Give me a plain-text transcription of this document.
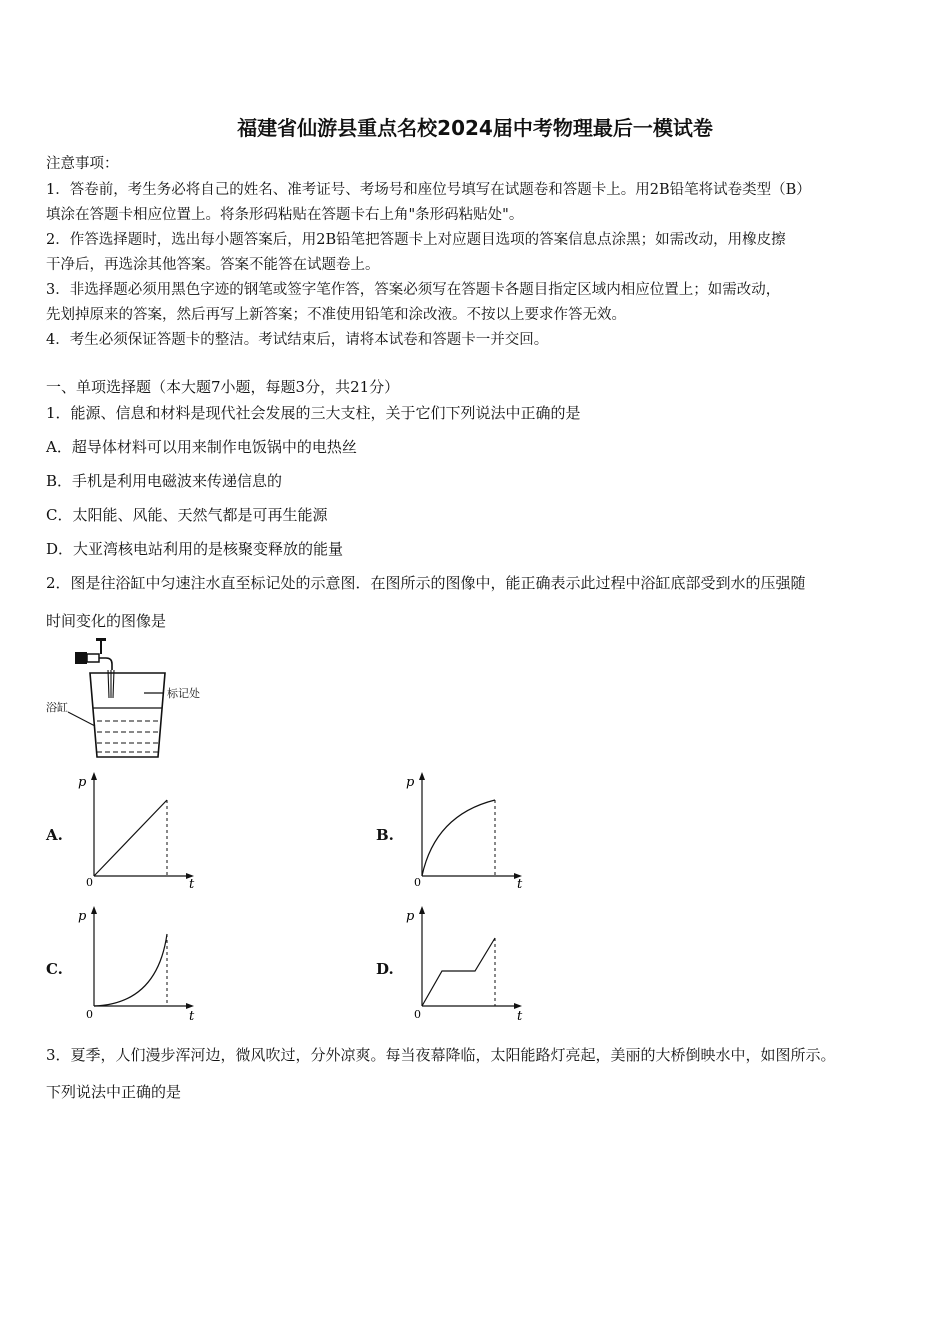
福建省仙游县重点名校2024届中考物理最后一模试卷
注意事项：
1．答卷前，考生务必将自己的姓名、准考证号、考场号和座位号填写在试题卷和答题卡上。用2B铅笔将试卷类型（B）
填涂在答题卡相应位置上。将条形码粘贴在答题卡右上角"条形码粘贴处"。
2．作答选择题时，选出每小题答案后，用2B铅笔把答题卡上对应题目选项的答案信息点涂黑；如需改动，用橡皮擦
干净后，再选涂其他答案。答案不能答在试题卷上。
3．非选择题必须用黑色字迹的钢笔或签字笔作答，答案必须写在答题卡各题目指定区域内相应位置上；如需改动，
先划掉原来的答案，然后再写上新答案；不准使用铅笔和涂改液。不按以上要求作答无效。
4．考生必须保证答题卡的整洁。考试结束后，请将本试卷和答题卡一并交回。
一、单项选择题（本大题7小题，每题3分，共21分）
1．能源、信息和材料是现代社会发展的三大支柱，关于它们下列说法中正确的是
A．超导体材料可以用来制作电饭锅中的电热丝
B．手机是利用电磁波来传递信息的
C．太阳能、风能、天然气都是可再生能源
D．大亚湾核电站利用的是核聚变释放的能量
2．图是往浴缸中匀速注水直至标记处的示意图．在图所示的图像中，能正确表示此过程中浴缸底部受到水的压强随
时间变化的图像是
标记处
浴缸
A.
p
t
0
B.
p
t
0
C.
p
t
0
D.
p
t
0
3．夏季，人们漫步浑河边，微风吹过，分外凉爽。每当夜幕降临，太阳能路灯亮起，美丽的大桥倒映水中，如图所示。
下列说法中正确的是
